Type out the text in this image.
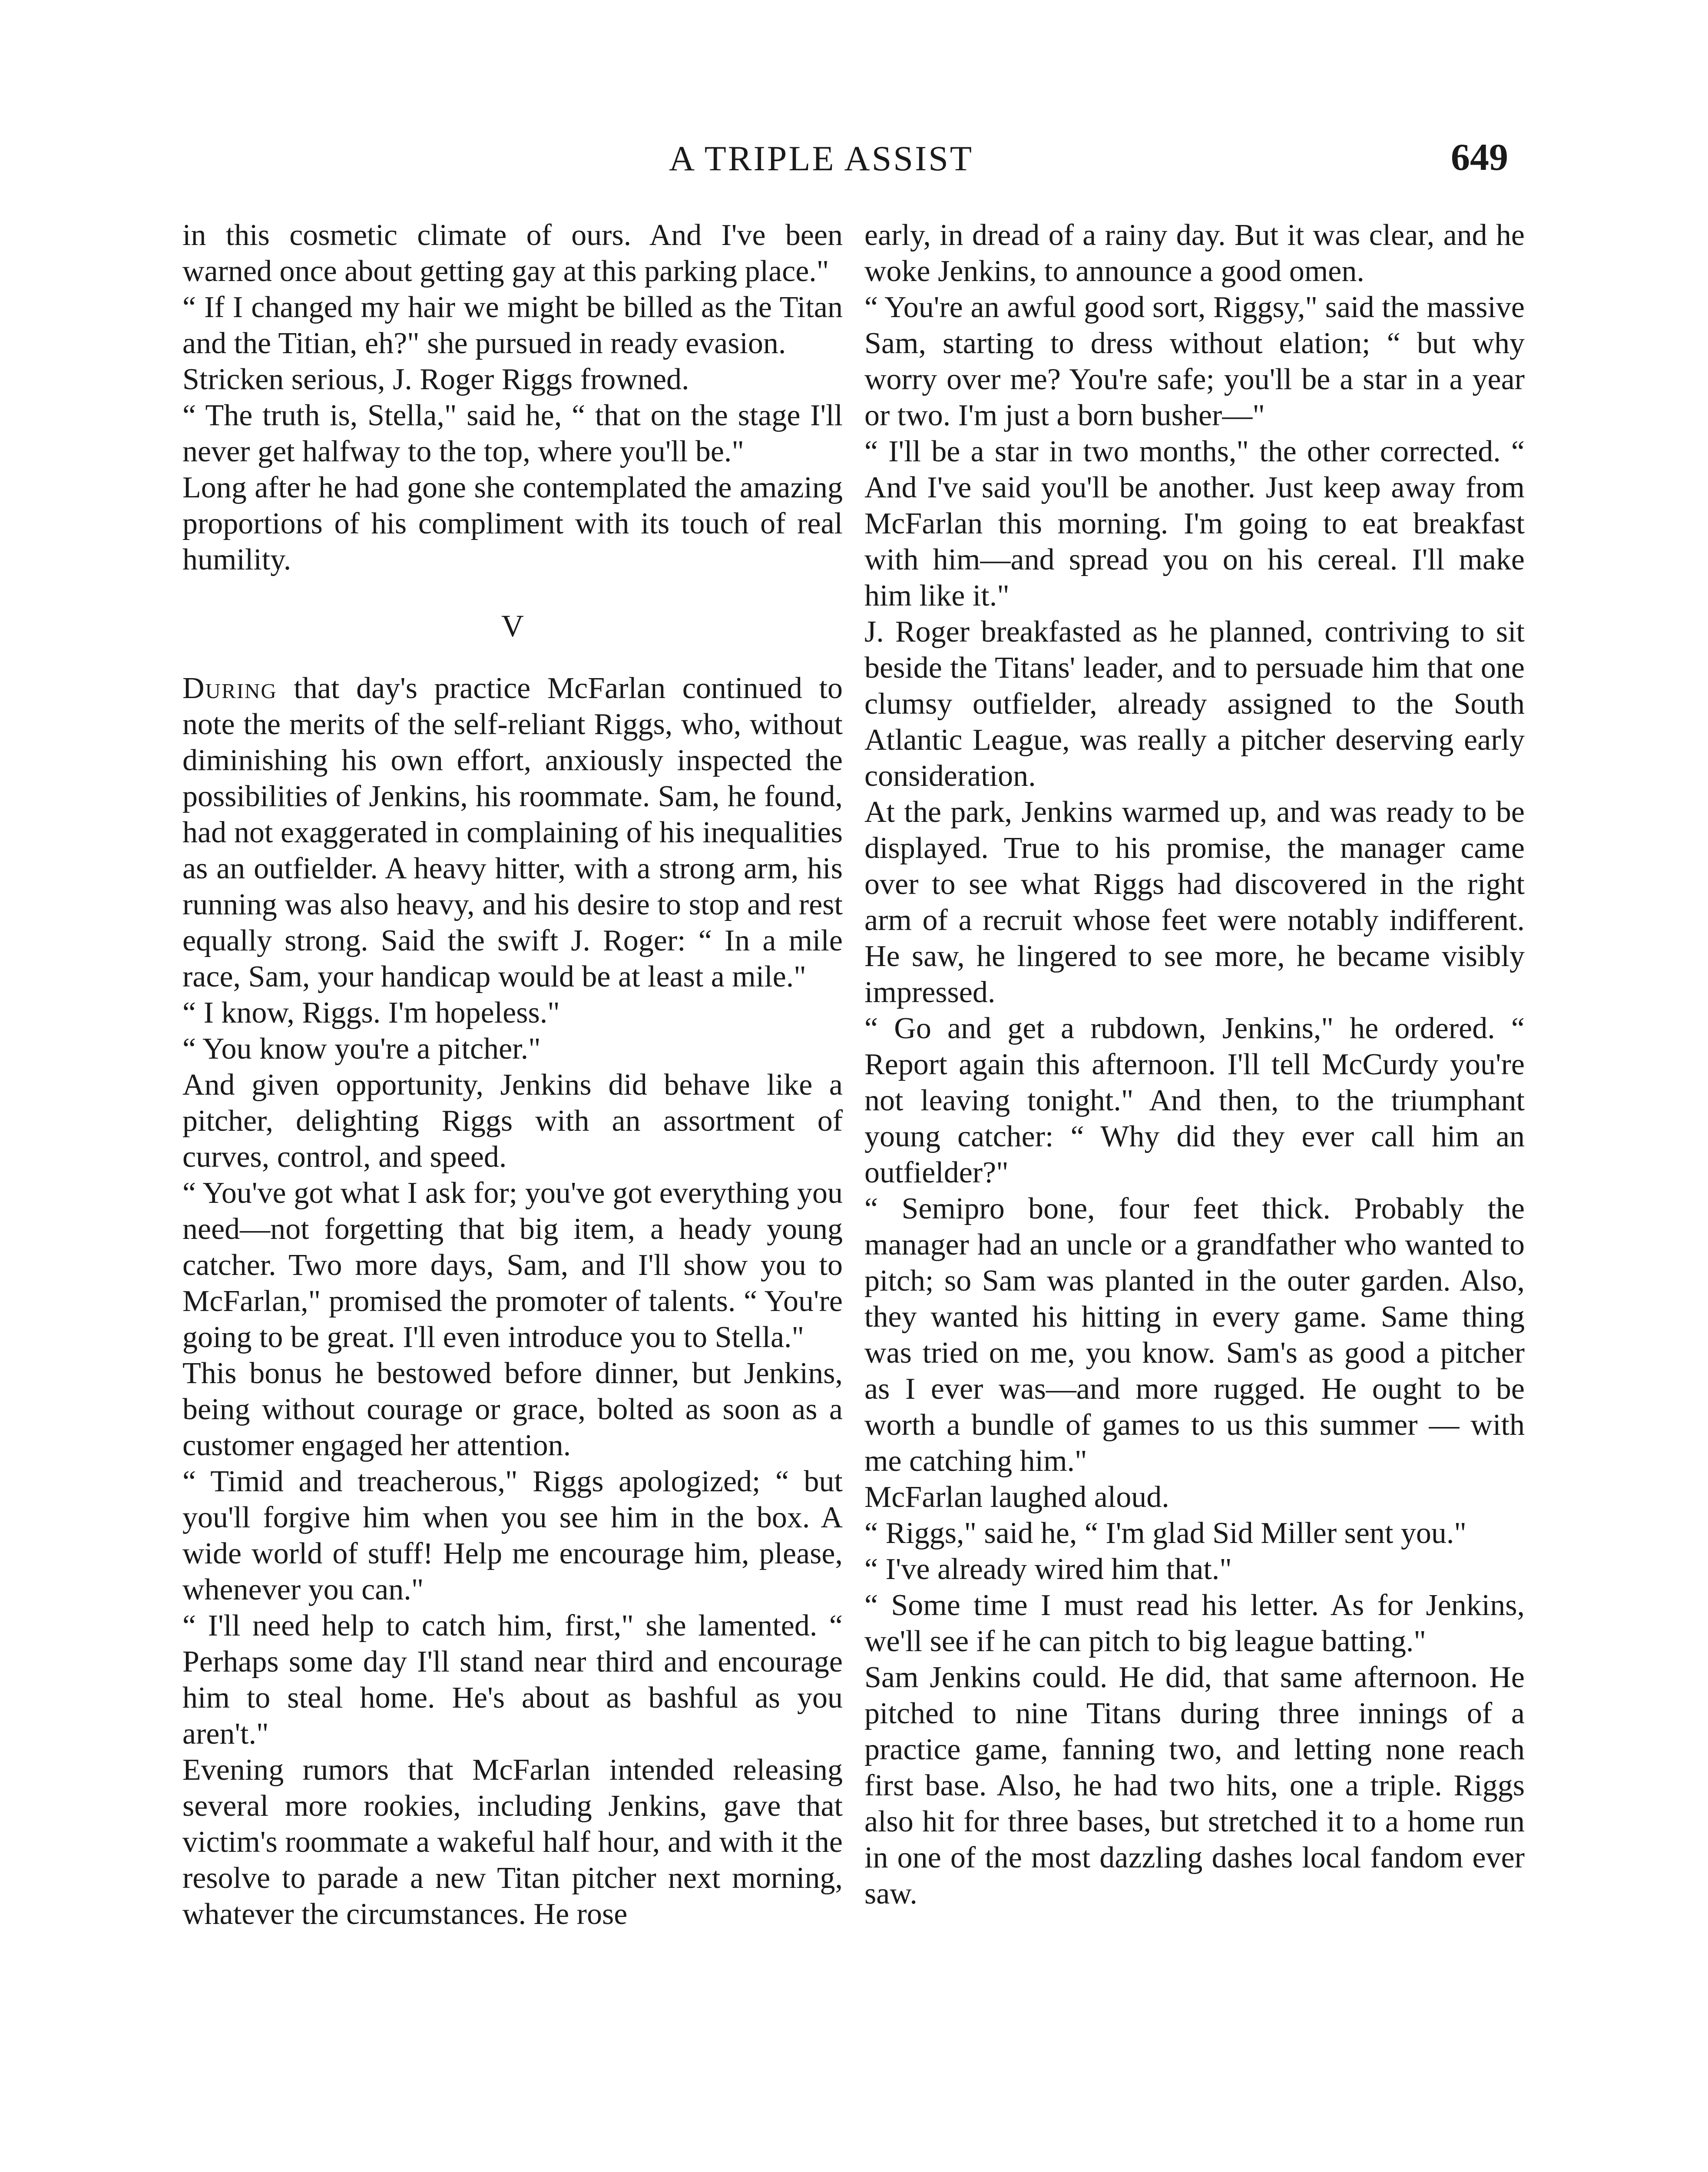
A TRIPLE ASSIST	649

in this cosmetic climate of ours. And I've been warned once about getting gay at this parking place."

“ If I changed my hair we might be billed as the Titan and the Titian, eh?" she pursued in ready evasion.

Stricken serious, J. Roger Riggs frowned.

“ The truth is, Stella," said he, “ that on the stage I'll never get halfway to the top, where you'll be."

Long after he had gone she contemplated the amazing proportions of his compliment with its touch of real humility.

V

During that day's practice McFarlan continued to note the merits of the self-reliant Riggs, who, without diminishing his own effort, anxiously inspected the possibilities of Jenkins, his roommate. Sam, he found, had not exaggerated in complaining of his inequalities as an outfielder. A heavy hitter, with a strong arm, his running was also heavy, and his desire to stop and rest equally strong. Said the swift J. Roger: “ In a mile race, Sam, your handicap would be at least a mile."

“ I know, Riggs. I'm hopeless."

“ You know you're a pitcher."

And given opportunity, Jenkins did behave like a pitcher, delighting Riggs with an assortment of curves, control, and speed.

“ You've got what I ask for; you've got everything you need—not forgetting that big item, a heady young catcher. Two more days, Sam, and I'll show you to McFarlan," promised the promoter of talents. “ You're going to be great. I'll even introduce you to Stella."

This bonus he bestowed before dinner, but Jenkins, being without courage or grace, bolted as soon as a customer engaged her attention.

“ Timid and treacherous," Riggs apologized; “ but you'll forgive him when you see him in the box. A wide world of stuff! Help me encourage him, please, whenever you can."

“ I'll need help to catch him, first," she lamented. “ Perhaps some day I'll stand near third and encourage him to steal home. He's about as bashful as you aren't."

Evening rumors that McFarlan intended releasing several more rookies, including Jenkins, gave that victim's roommate a wakeful half hour, and with it the resolve to parade a new Titan pitcher next morning, whatever the circumstances. He rose

early, in dread of a rainy day. But it was clear, and he woke Jenkins, to announce a good omen.

“ You're an awful good sort, Riggsy," said the massive Sam, starting to dress without elation; “ but why worry over me? You're safe; you'll be a star in a year or two. I'm just a born busher—"

“ I'll be a star in two months," the other corrected. “ And I've said you'll be another. Just keep away from McFarlan this morning. I'm going to eat breakfast with him—and spread you on his cereal. I'll make him like it."

J. Roger breakfasted as he planned, contriving to sit beside the Titans' leader, and to persuade him that one clumsy outfielder, already assigned to the South Atlantic League, was really a pitcher deserving early consideration.

At the park, Jenkins warmed up, and was ready to be displayed. True to his promise, the manager came over to see what Riggs had discovered in the right arm of a recruit whose feet were notably indifferent. He saw, he lingered to see more, he became visibly impressed.

“ Go and get a rubdown, Jenkins," he ordered. “ Report again this afternoon. I'll tell McCurdy you're not leaving tonight." And then, to the triumphant young catcher: “ Why did they ever call him an outfielder?"

“ Semipro bone, four feet thick. Probably the manager had an uncle or a grandfather who wanted to pitch; so Sam was planted in the outer garden. Also, they wanted his hitting in every game. Same thing was tried on me, you know. Sam's as good a pitcher as I ever was—and more rugged. He ought to be worth a bundle of games to us this summer — with me catching him."

McFarlan laughed aloud.

“ Riggs," said he, “ I'm glad Sid Miller sent you."

“ I've already wired him that."

“ Some time I must read his letter. As for Jenkins, we'll see if he can pitch to big league batting."

Sam Jenkins could. He did, that same afternoon. He pitched to nine Titans during three innings of a practice game, fanning two, and letting none reach first base. Also, he had two hits, one a triple. Riggs also hit for three bases, but stretched it to a home run in one of the most dazzling dashes local fandom ever saw.
